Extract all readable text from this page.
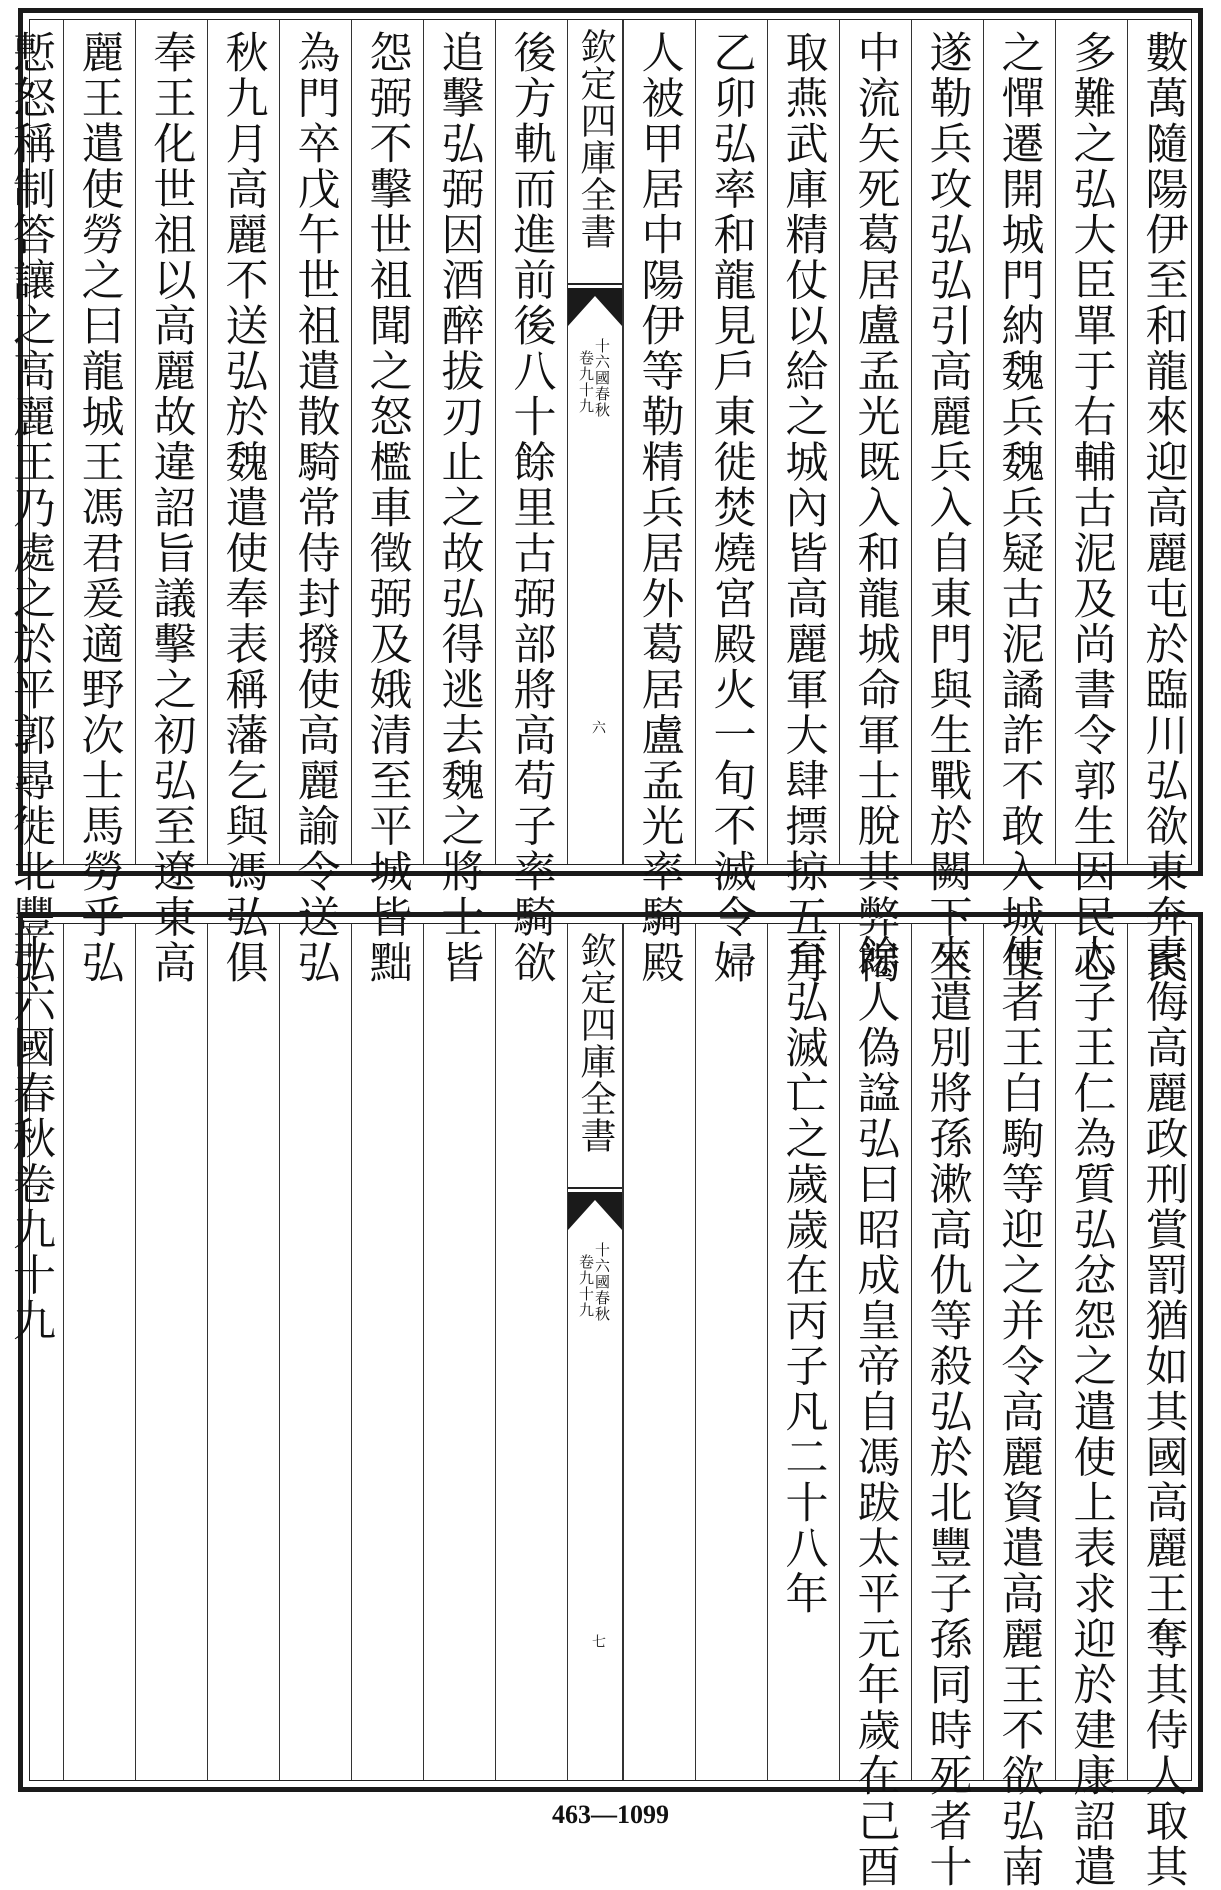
數萬隨陽伊至和龍來迎高麗屯於臨川弘欲東奔民
多難之弘大臣單于右輔古泥及尚書令郭生因民心
之憚遷開城門納魏兵魏兵疑古泥譎詐不敢入城生
遂勒兵攻弘弘引高麗兵入自東門與生戰於闕下生
中流矢死葛居盧孟光既入和龍城命軍士脫其弊褐
取燕武庫精仗以給之城內皆高麗軍大肆摽掠五月
乙卯弘率和龍見戶東徙焚燒宮殿火一旬不滅令婦
人被甲居中陽伊等勒精兵居外葛居盧孟光率騎殿
欽定四庫全書
十六國春秋
卷九十九
六
後方軌而進前後八十餘里古弼部將高苟子率騎欲
追擊弘弼因酒醉拔刃止之故弘得逃去魏之將士皆
怨弼不擊世祖聞之怒檻車徵弼及娥清至平城皆黜
為門卒戊午世祖遣散騎常侍封撥使高麗諭令送弘
秋九月高麗不送弘於魏遣使奉表稱藩乞與馮弘俱
奉王化世祖以高麗故違詔旨議擊之初弘至遼東高
麗王遣使勞之曰龍城王馮君爰適野次士馬勞乎弘
慙怒稱制答讓之高麗王乃處之於平郭尋徙北豐弘
素侮高麗政刑賞罰猶如其國高麗王奪其侍人取其
太子王仁為質弘忿怨之遣使上表求迎於建康詔遣
使者王白駒等迎之并令高麗資遣高麗王不欲弘南
來遣別將孫漱高仇等殺弘於北豐子孫同時死者十
餘人偽諡弘曰昭成皇帝自馮跋太平元年歲在己酉
至弘滅亡之歲歲在丙子凡二十八年
欽定四庫全書
十六國春秋
卷九十九
七
十六國春秋卷九十九
463—1099
